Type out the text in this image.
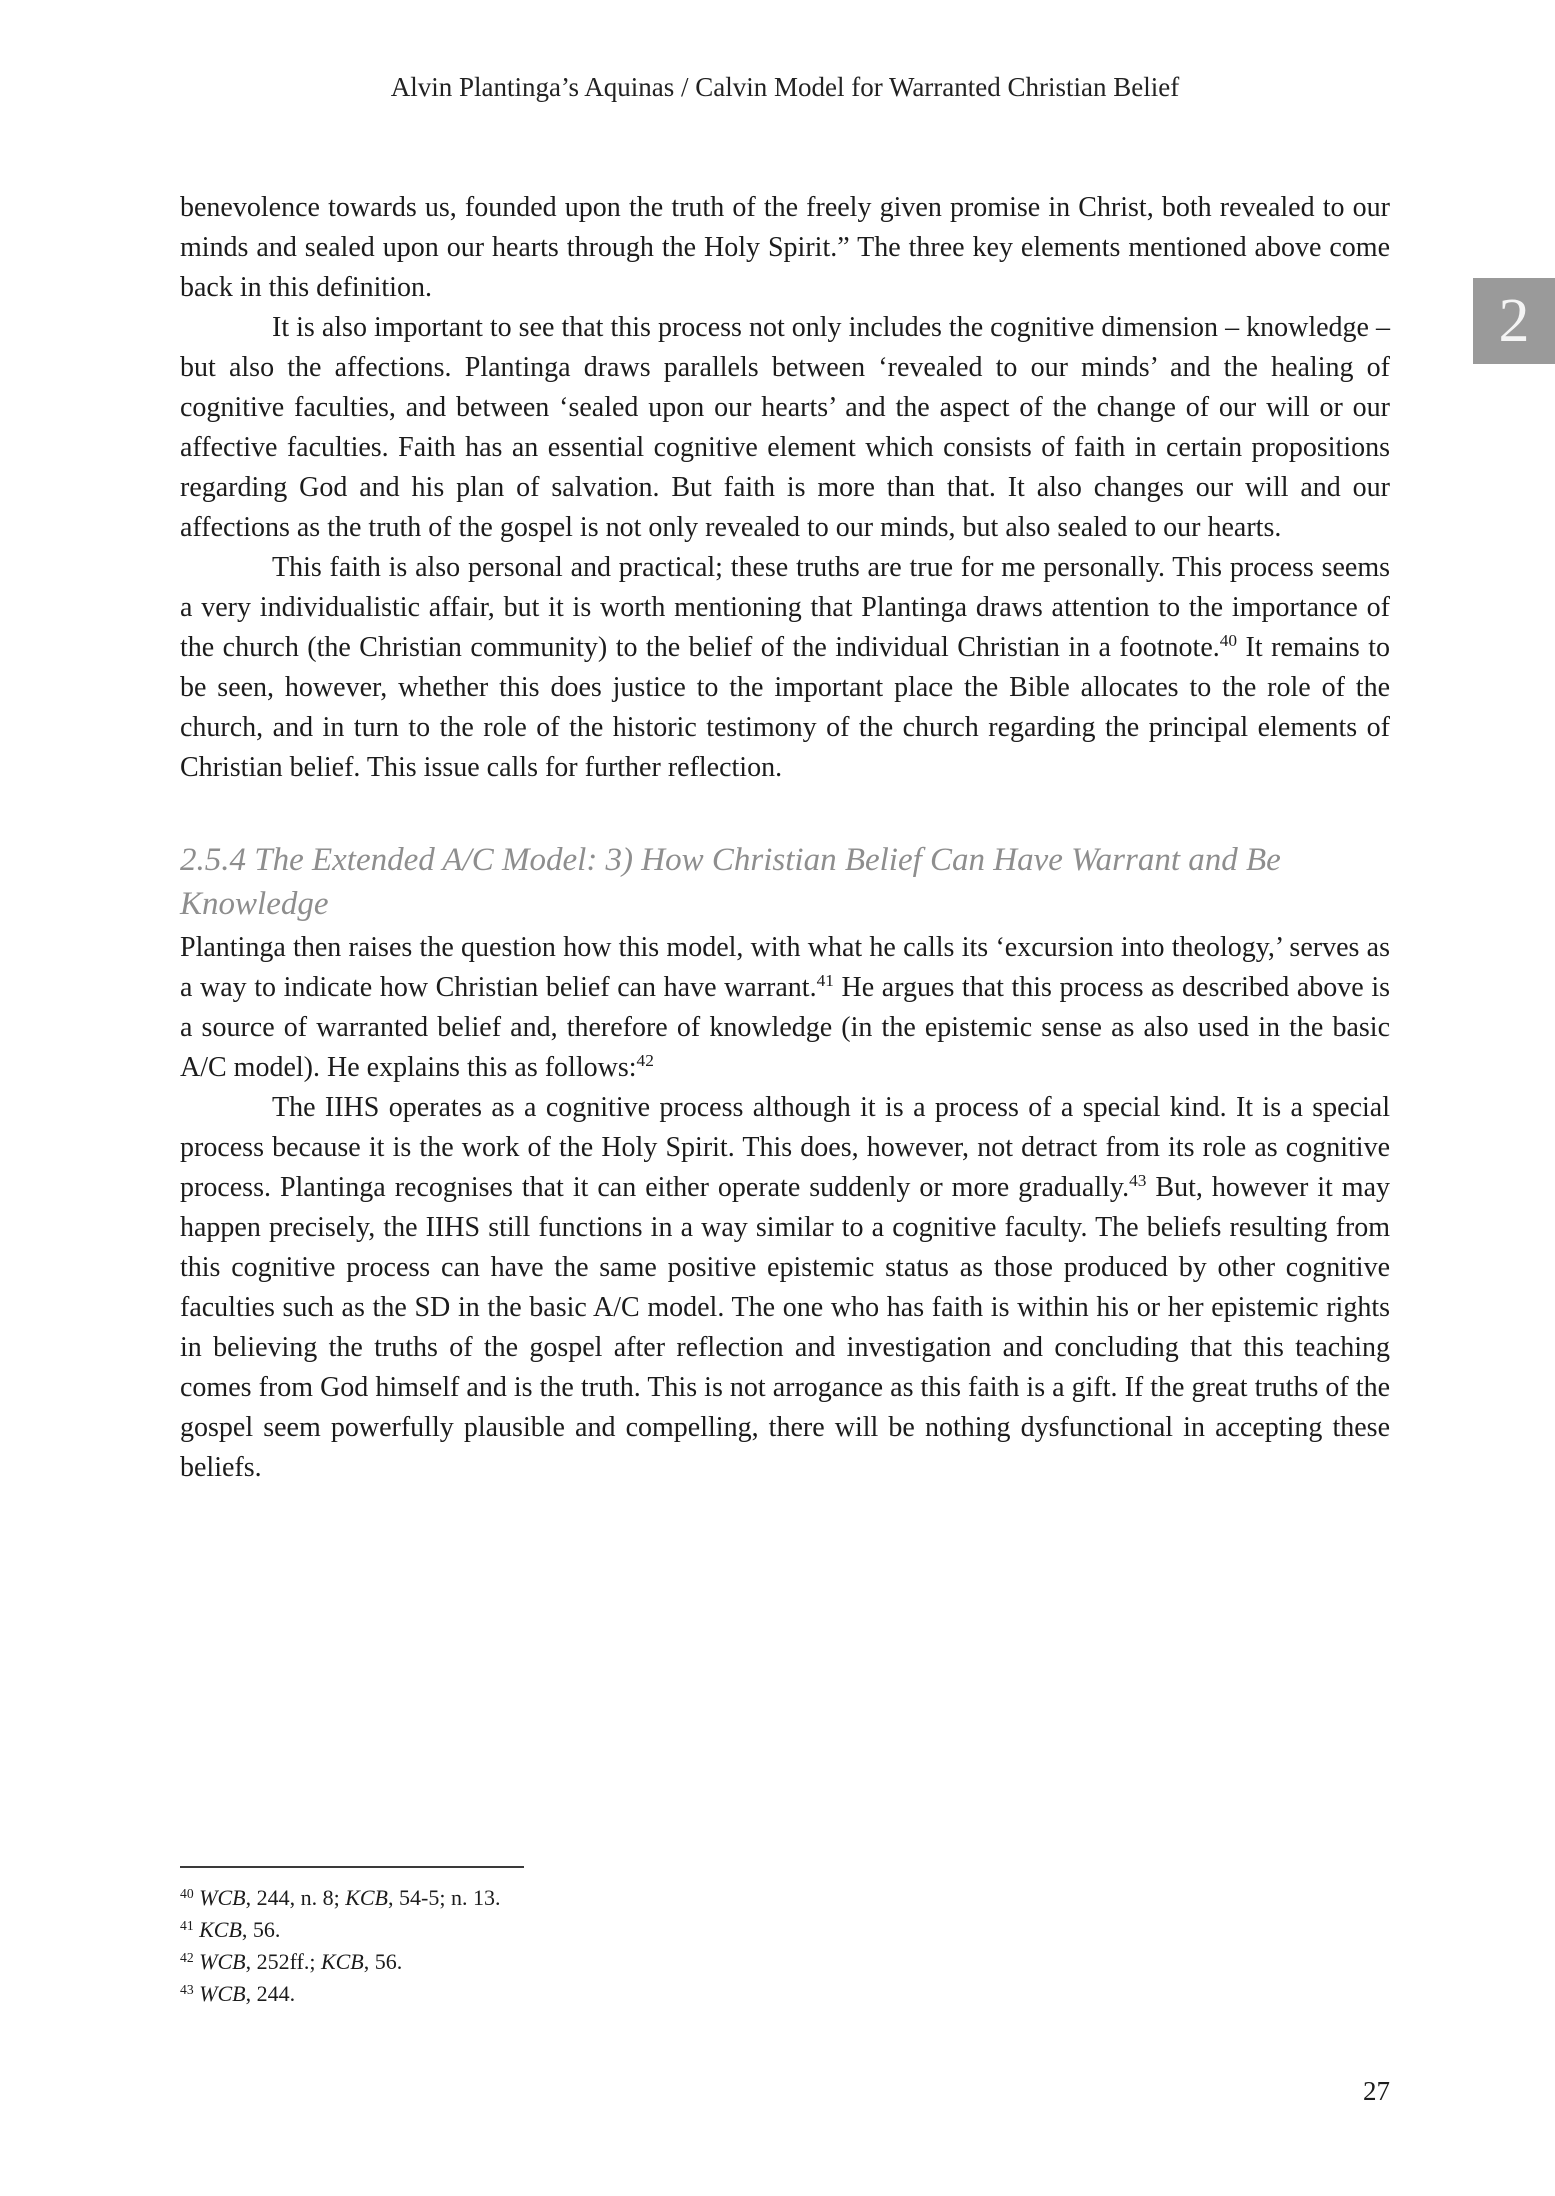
Alvin Plantinga’s Aquinas / Calvin Model for Warranted Christian Belief
2

benevolence towards us, founded upon the truth of the freely given promise in Christ, both revealed to our minds and sealed upon our hearts through the Holy Spirit.” The three key elements mentioned above come back in this definition.

It is also important to see that this process not only includes the cognitive dimension – knowledge – but also the affections. Plantinga draws parallels between ‘revealed to our minds’ and the healing of cognitive faculties, and between ‘sealed upon our hearts’ and the aspect of the change of our will or our affective faculties. Faith has an essential cognitive element which consists of faith in certain propositions regarding God and his plan of salvation. But faith is more than that. It also changes our will and our affections as the truth of the gospel is not only revealed to our minds, but also sealed to our hearts.

This faith is also personal and practical; these truths are true for me personally. This process seems a very individualistic affair, but it is worth mentioning that Plantinga draws attention to the importance of the church (the Christian community) to the belief of the individual Christian in a footnote.$^{40}$ It remains to be seen, however, whether this does justice to the important place the Bible allocates to the role of the church, and in turn to the role of the historic testimony of the church regarding the principal elements of Christian belief. This issue calls for further reflection.

2.5.4 The Extended A/C Model: 3) How Christian Belief Can Have Warrant and Be Knowledge

Plantinga then raises the question how this model, with what he calls its ‘excursion into theology,’ serves as a way to indicate how Christian belief can have warrant.$^{41}$ He argues that this process as described above is a source of warranted belief and, therefore of knowledge (in the epistemic sense as also used in the basic A/C model). He explains this as follows:$^{42}$

The IIHS operates as a cognitive process although it is a process of a special kind. It is a special process because it is the work of the Holy Spirit. This does, however, not detract from its role as cognitive process. Plantinga recognises that it can either operate suddenly or more gradually.$^{43}$ But, however it may happen precisely, the IIHS still functions in a way similar to a cognitive faculty. The beliefs resulting from this cognitive process can have the same positive epistemic status as those produced by other cognitive faculties such as the SD in the basic A/C model. The one who has faith is within his or her epistemic rights in believing the truths of the gospel after reflection and investigation and concluding that this teaching comes from God himself and is the truth. This is not arrogance as this faith is a gift. If the great truths of the gospel seem powerfully plausible and compelling, there will be nothing dysfunctional in accepting these beliefs.

$^{40}$ WCB, 244, n. 8; KCB, 54-5; n. 13.

$^{41}$ KCB, 56.

$^{42}$ WCB, 252ff.; KCB, 56.

$^{43}$ WCB, 244.

27
